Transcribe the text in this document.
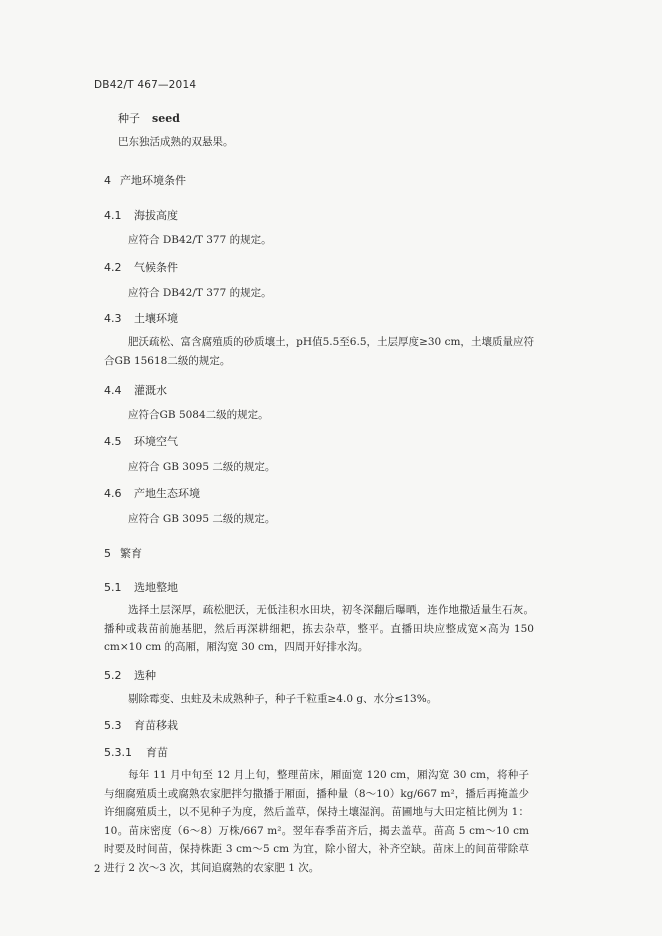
DB42/T 467—2014
种子 seed
巴东独活成熟的双悬果。
4 产地环境条件
4.1 海拔高度
应符合 DB42/T 377 的规定。
4.2 气候条件
应符合 DB42/T 377 的规定。
4.3 土壤环境
肥沃疏松、富含腐殖质的砂质壤土，pH值5.5至6.5，土层厚度≥30 cm，土壤质量应符合GB 15618二级的规定。
4.4 灌溉水
应符合GB 5084二级的规定。
4.5 环境空气
应符合 GB 3095 二级的规定。
4.6 产地生态环境
应符合 GB 3095 二级的规定。
5 繁育
5.1 选地整地
选择土层深厚，疏松肥沃，无低洼积水田块，初冬深翻后曝晒，连作地撒适量生石灰。播种或栽苗前施基肥，然后再深耕细耙，拣去杂草，整平。直播田块应整成宽×高为 150 cm×10 cm 的高厢，厢沟宽 30 cm，四周开好排水沟。
5.2 选种
剔除霉变、虫蛀及未成熟种子，种子千粒重≥4.0 g、水分≤13%。
5.3 育苗移栽
5.3.1 育苗
每年 11 月中旬至 12 月上旬，整理苗床，厢面宽 120 cm，厢沟宽 30 cm，将种子与细腐殖质土或腐熟农家肥拌匀撒播于厢面，播种量（8～10）kg/667 m²，播后再掩盖少许细腐殖质土，以不见种子为度，然后盖草，保持土壤湿润。苗圃地与大田定植比例为 1：10。苗床密度（6～8）万株/667 m²。翌年春季苗齐后，揭去盖草。苗高 5 cm～10 cm 时要及时间苗，保持株距 3 cm～5 cm 为宜，除小留大，补齐空缺。苗床上的间苗带除草进行 2 次～3 次，其间追腐熟的农家肥 1 次。
2
